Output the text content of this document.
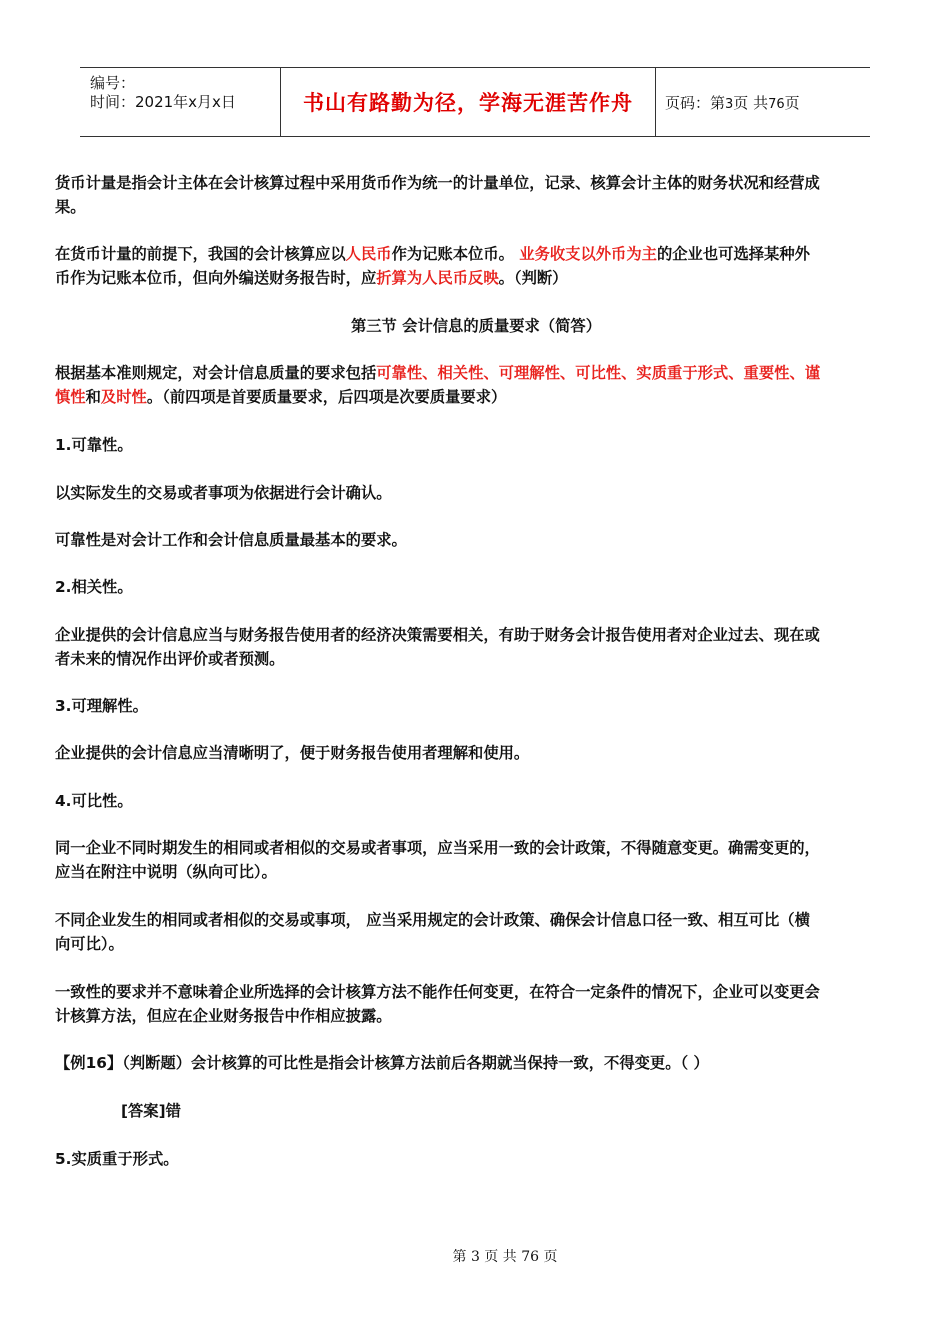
编号：
时间：2021年x月x日	书山有路勤为径，学海无涯苦作舟	页码：第3页 共76页

货币计量是指会计主体在会计核算过程中采用货币作为统一的计量单位，记录、核算会计主体的财务状况和经营成

果。

在货币计量的前提下，我国的会计核算应以人民币作为记账本位币。 业务收支以外币为主的企业也可选择某种外

币作为记账本位币，但向外编送财务报告时，应折算为人民币反映。（判断）

第三节 会计信息的质量要求（简答）

根据基本准则规定，对会计信息质量的要求包括可靠性、相关性、可理解性、可比性、实质重于形式、重要性、谨

慎性和及时性。（前四项是首要质量要求，后四项是次要质量要求）

1.可靠性。

以实际发生的交易或者事项为依据进行会计确认。

可靠性是对会计工作和会计信息质量最基本的要求。

2.相关性。

企业提供的会计信息应当与财务报告使用者的经济决策需要相关，有助于财务会计报告使用者对企业过去、现在或

者未来的情况作出评价或者预测。

3.可理解性。

企业提供的会计信息应当清晰明了，便于财务报告使用者理解和使用。

4.可比性。

同一企业不同时期发生的相同或者相似的交易或者事项，应当采用一致的会计政策，不得随意变更。确需变更的，

应当在附注中说明（纵向可比）。

不同企业发生的相同或者相似的交易或事项， 应当采用规定的会计政策、确保会计信息口径一致、相互可比（横

向可比）。

一致性的要求并不意味着企业所选择的会计核算方法不能作任何变更，在符合一定条件的情况下，企业可以变更会

计核算方法，但应在企业财务报告中作相应披露。

【例16】（判断题）会计核算的可比性是指会计核算方法前后各期就当保持一致，不得变更。（ ）

[答案]错

5.实质重于形式。

第 3 页 共 76 页
